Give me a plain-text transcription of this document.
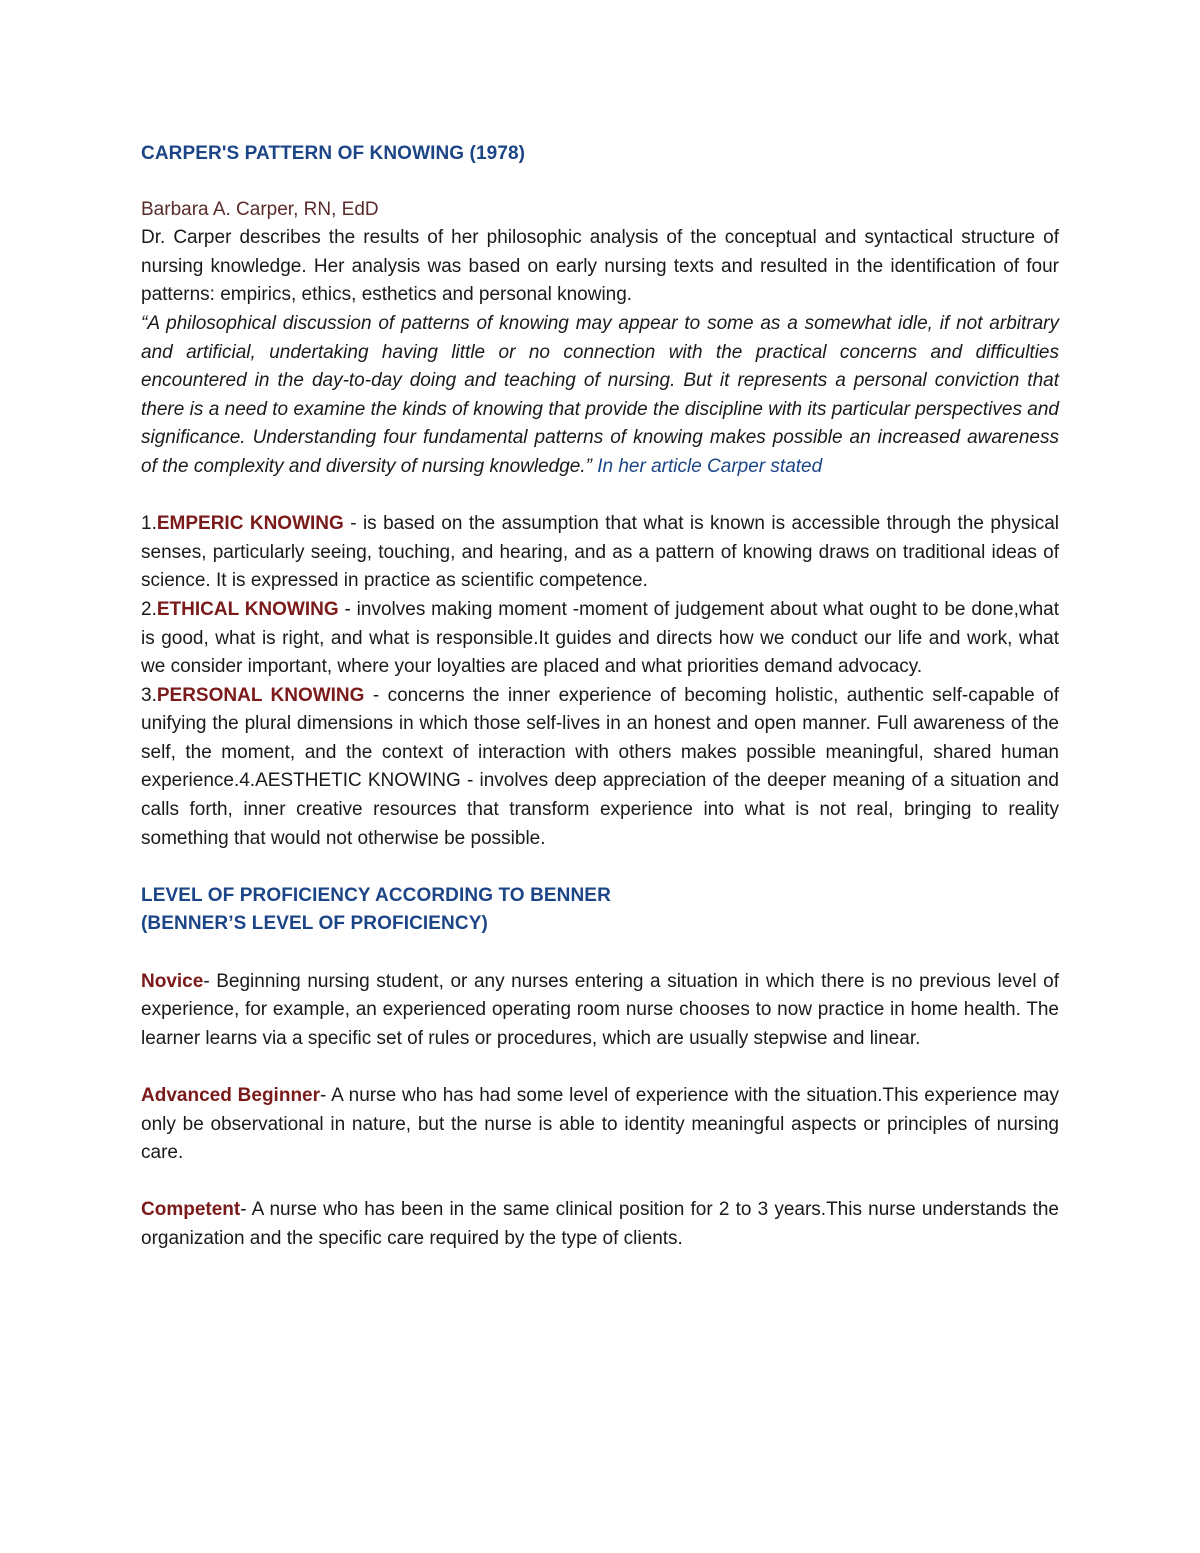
CARPER'S PATTERN OF KNOWING (1978)

Barbara A. Carper, RN, EdD

Dr. Carper describes the results of her philosophic analysis of the conceptual and syntactical structure of nursing knowledge. Her analysis was based on early nursing texts and resulted in the identification of four patterns: empirics, ethics, esthetics and personal knowing.

“A philosophical discussion of patterns of knowing may appear to some as a somewhat idle, if not arbitrary and artificial, undertaking having little or no connection with the practical concerns and difficulties encountered in the day-to-day doing and teaching of nursing. But it represents a personal conviction that there is a need to examine the kinds of knowing that provide the discipline with its particular perspectives and significance. Understanding four fundamental patterns of knowing makes possible an increased awareness of the complexity and diversity of nursing knowledge.” In her article Carper stated

1.EMPERIC KNOWING - is based on the assumption that what is known is accessible through the physical senses, particularly seeing, touching, and hearing, and as a pattern of knowing draws on traditional ideas of science. It is expressed in practice as scientific competence.

2.ETHICAL KNOWING - involves making moment -moment of judgement about what ought to be done,what is good, what is right, and what is responsible.It guides and directs how we conduct our life and work, what we consider important, where your loyalties are placed and what priorities demand advocacy.

3.PERSONAL KNOWING - concerns the inner experience of becoming holistic, authentic self-capable of unifying the plural dimensions in which those self-lives in an honest and open manner. Full awareness of the self, the moment, and the context of interaction with others makes possible meaningful, shared human experience.4.AESTHETIC KNOWING - involves deep appreciation of the deeper meaning of a situation and calls forth, inner creative resources that transform experience into what is not real, bringing to reality something that would not otherwise be possible.

LEVEL OF PROFICIENCY ACCORDING TO BENNER
(BENNER’S LEVEL OF PROFICIENCY)

Novice- Beginning nursing student, or any nurses entering a situation in which there is no previous level of experience, for example, an experienced operating room nurse chooses to now practice in home health. The learner learns via a specific set of rules or procedures, which are usually stepwise and linear.

Advanced Beginner- A nurse who has had some level of experience with the situation.This experience may only be observational in nature, but the nurse is able to identity meaningful aspects or principles of nursing care.

Competent- A nurse who has been in the same clinical position for 2 to 3 years.This nurse understands the organization and the specific care required by the type of clients.
